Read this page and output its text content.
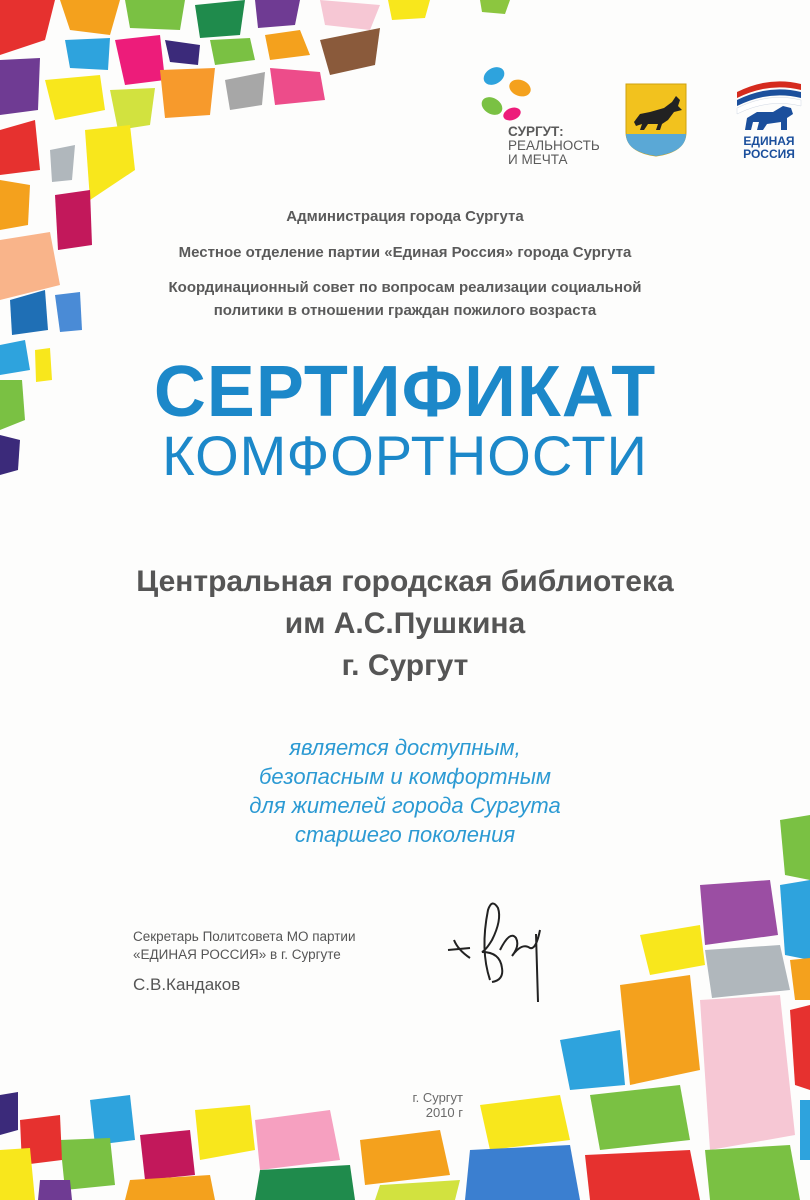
СУРГУТ:
РЕАЛЬНОСТЬ
И МЕЧТА
ЕДИНАЯ
РОССИЯ
Администрация города Сургута
Местное отделение партии «Единая Россия» города Сургута
Координационный совет по вопросам реализации социальной
политики в отношении граждан пожилого возраста
СЕРТИФИКАТ
КОМФОРТНОСТИ
Центральная городская библиотека
им А.С.Пушкина
г. Сургут
является доступным,
безопасным и комфортным
для жителей города Сургута
старшего поколения
Секретарь Политсовета МО партии
«ЕДИНАЯ РОССИЯ» в г. Сургуте
С.В.Кандаков
г. Сургут
2010 г
